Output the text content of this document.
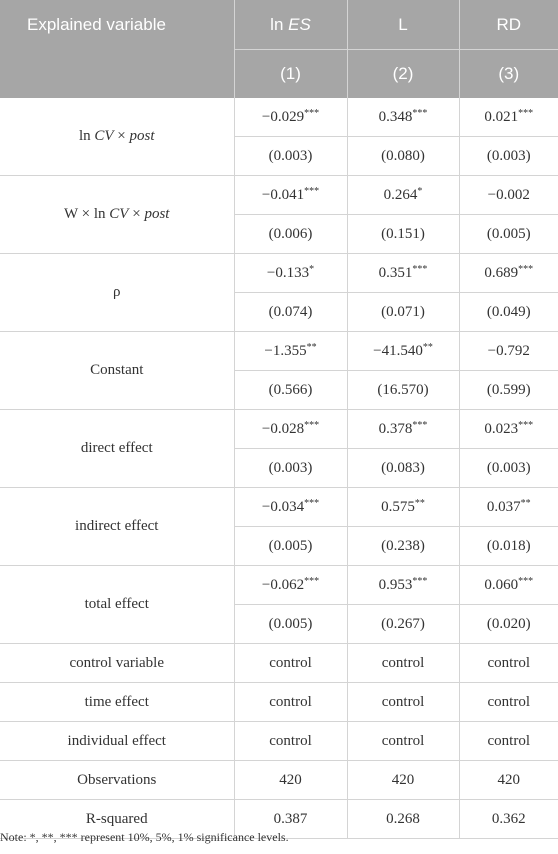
Explained variable	ln ES	L	RD
	(1)	(2)	(3)
ln CV × post	−0.029***	0.348***	0.021***
	(0.003)	(0.080)	(0.003)
W × ln CV × post	−0.041***	0.264*	−0.002
	(0.006)	(0.151)	(0.005)
ρ	−0.133*	0.351***	0.689***
	(0.074)	(0.071)	(0.049)
Constant	−1.355**	−41.540**	−0.792
	(0.566)	(16.570)	(0.599)
direct effect	−0.028***	0.378***	0.023***
	(0.003)	(0.083)	(0.003)
indirect effect	−0.034***	0.575**	0.037**
	(0.005)	(0.238)	(0.018)
total effect	−0.062***	0.953***	0.060***
	(0.005)	(0.267)	(0.020)
control variable	control	control	control
time effect	control	control	control
individual effect	control	control	control
Observations	420	420	420
R-squared	0.387	0.268	0.362
Note: *, **, *** represent 10%, 5%, 1% significance levels.
